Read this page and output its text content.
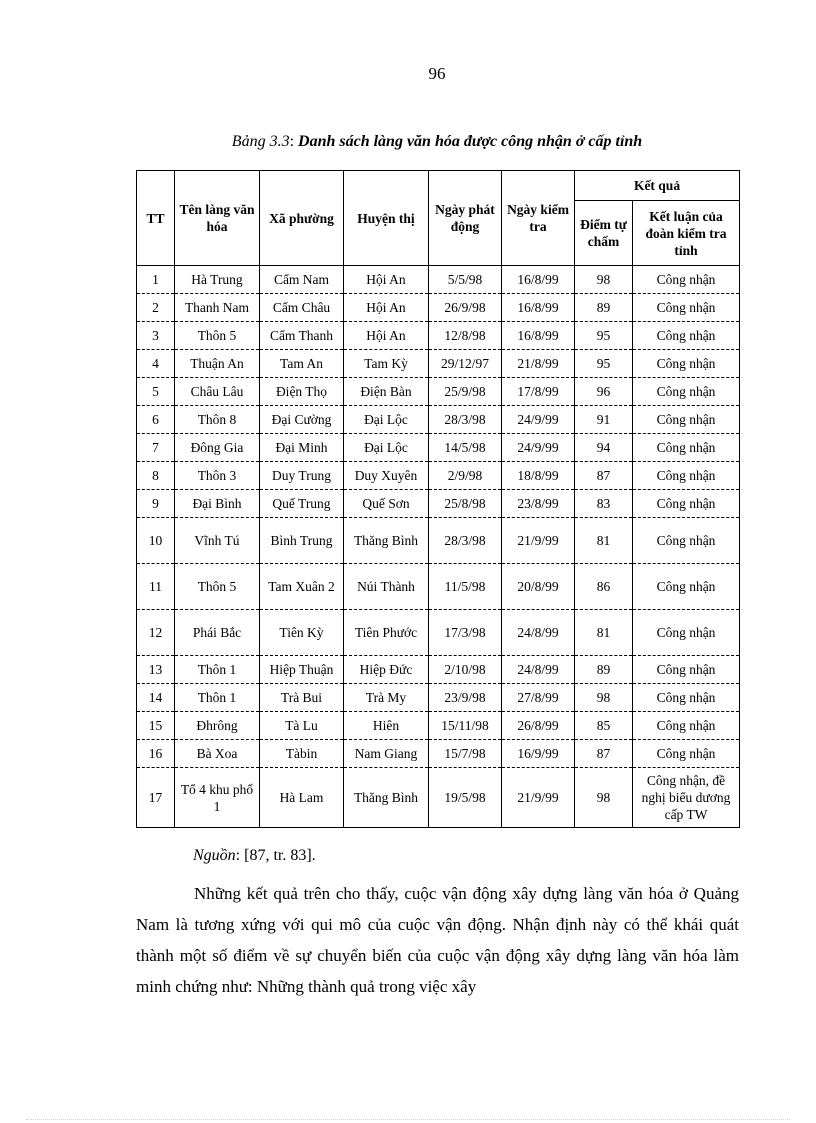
96
Bảng 3.3: Danh sách làng văn hóa được công nhận ở cấp tỉnh
TT	Tên làng văn hóa	Xã phường	Huyện thị	Ngày phát động	Ngày kiểm tra	Kết quả	
						Điểm tự chấm	Kết luận của đoàn kiểm tra tỉnh
1	Hà Trung	Cẩm Nam	Hội An	5/5/98	16/8/99	98	Công nhận
2	Thanh Nam	Cẩm Châu	Hội An	26/9/98	16/8/99	89	Công nhận
3	Thôn 5	Cẩm Thanh	Hội An	12/8/98	16/8/99	95	Công nhận
4	Thuận An	Tam An	Tam Kỳ	29/12/97	21/8/99	95	Công nhận
5	Châu Lâu	Điện Thọ	Điện Bàn	25/9/98	17/8/99	96	Công nhận
6	Thôn 8	Đại Cường	Đại Lộc	28/3/98	24/9/99	91	Công nhận
7	Đông Gia	Đại Minh	Đại Lộc	14/5/98	24/9/99	94	Công nhận
8	Thôn 3	Duy Trung	Duy Xuyên	2/9/98	18/8/99	87	Công nhận
9	Đại Bình	Quế Trung	Quế Sơn	25/8/98	23/8/99	83	Công nhận
10	Vĩnh Tú	Bình Trung	Thăng Bình	28/3/98	21/9/99	81	Công nhận
11	Thôn 5	Tam Xuân 2	Núi Thành	11/5/98	20/8/99	86	Công nhận
12	Phái Bắc	Tiên Kỳ	Tiên Phước	17/3/98	24/8/99	81	Công nhận
13	Thôn 1	Hiệp Thuận	Hiệp Đức	2/10/98	24/8/99	89	Công nhận
14	Thôn 1	Trà Bui	Trà My	23/9/98	27/8/99	98	Công nhận
15	Đhrông	Tà Lu	Hiên	15/11/98	26/8/99	85	Công nhận
16	Bà Xoa	Tàbin	Nam Giang	15/7/98	16/9/99	87	Công nhận
17	Tổ 4 khu phố 1	Hà Lam	Thăng Bình	19/5/98	21/9/99	98	Công nhận, đề nghị biểu dương cấp TW
Nguồn: [87, tr. 83].
Những kết quả trên cho thấy, cuộc vận động xây dựng làng văn hóa ở Quảng Nam là tương xứng với qui mô của cuộc vận động. Nhận định này có thể khái quát thành một số điểm về sự chuyển biến của cuộc vận động xây dựng làng văn hóa làm minh chứng như: Những thành quả trong việc xây
